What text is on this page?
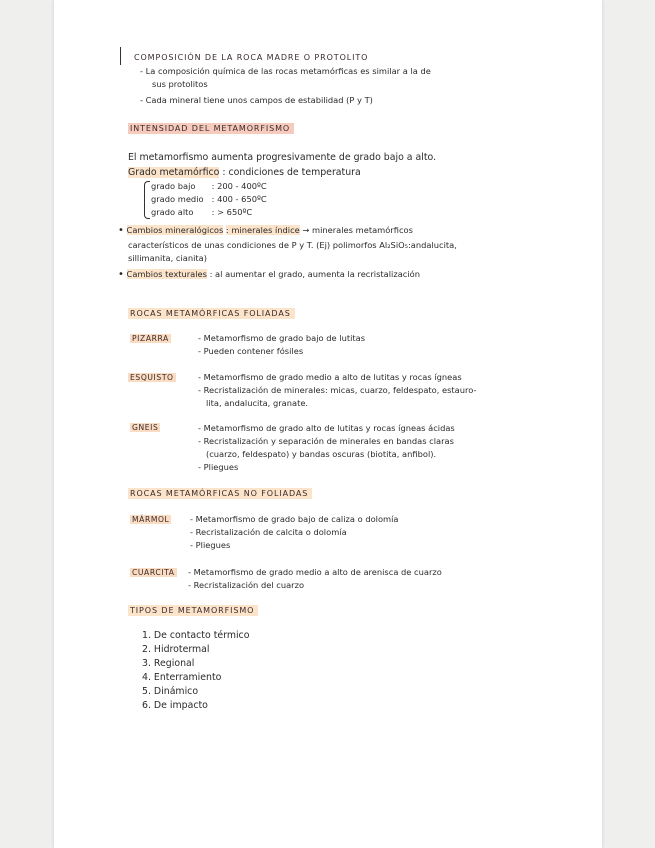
COMPOSICIÓN DE LA ROCA MADRE O PROTOLITO
- La composición química de las rocas metamórficas es similar a la de
sus protolitos
- Cada mineral tiene unos campos de estabilidad (P y T)
INTENSIDAD DEL METAMORFISMO
El metamorfismo aumenta progresivamente de grado bajo a alto.
Grado metamórfico : condiciones de temperatura
grado bajo : 200 - 400ºC
grado medio : 400 - 650ºC
grado alto : > 650ºC
• Cambios mineralógicos : minerales índice → minerales metamórficos
característicos de unas condiciones de P y T. (Ej) polimorfos Al₂SiO₅:andalucita,
sillimanita, cianita)
• Cambios texturales : al aumentar el grado, aumenta la recristalización
ROCAS METAMÓRFICAS FOLIADAS
PIZARRA	- Metamorfismo de grado bajo de lutitas
- Pueden contener fósiles
ESQUISTO	- Metamorfismo de grado medio a alto de lutitas y rocas ígneas
- Recristalización de minerales: micas, cuarzo, feldespato, estauro-
lita, andalucita, granate.
GNEIS	- Metamorfismo de grado alto de lutitas y rocas ígneas ácidas
- Recristalización y separación de minerales en bandas claras
(cuarzo, feldespato) y bandas oscuras (biotita, anfibol).
- Pliegues
ROCAS METAMÓRFICAS NO FOLIADAS
MÁRMOL - Metamorfismo de grado bajo de caliza o dolomía
- Recristalización de calcita o dolomía
- Pliegues
CUARCITA - Metamorfismo de grado medio a alto de arenisca de cuarzo
- Recristalización del cuarzo
TIPOS DE METAMORFISMO
1. De contacto térmico
2. Hidrotermal
3. Regional
4. Enterramiento
5. Dinámico
6. De impacto
